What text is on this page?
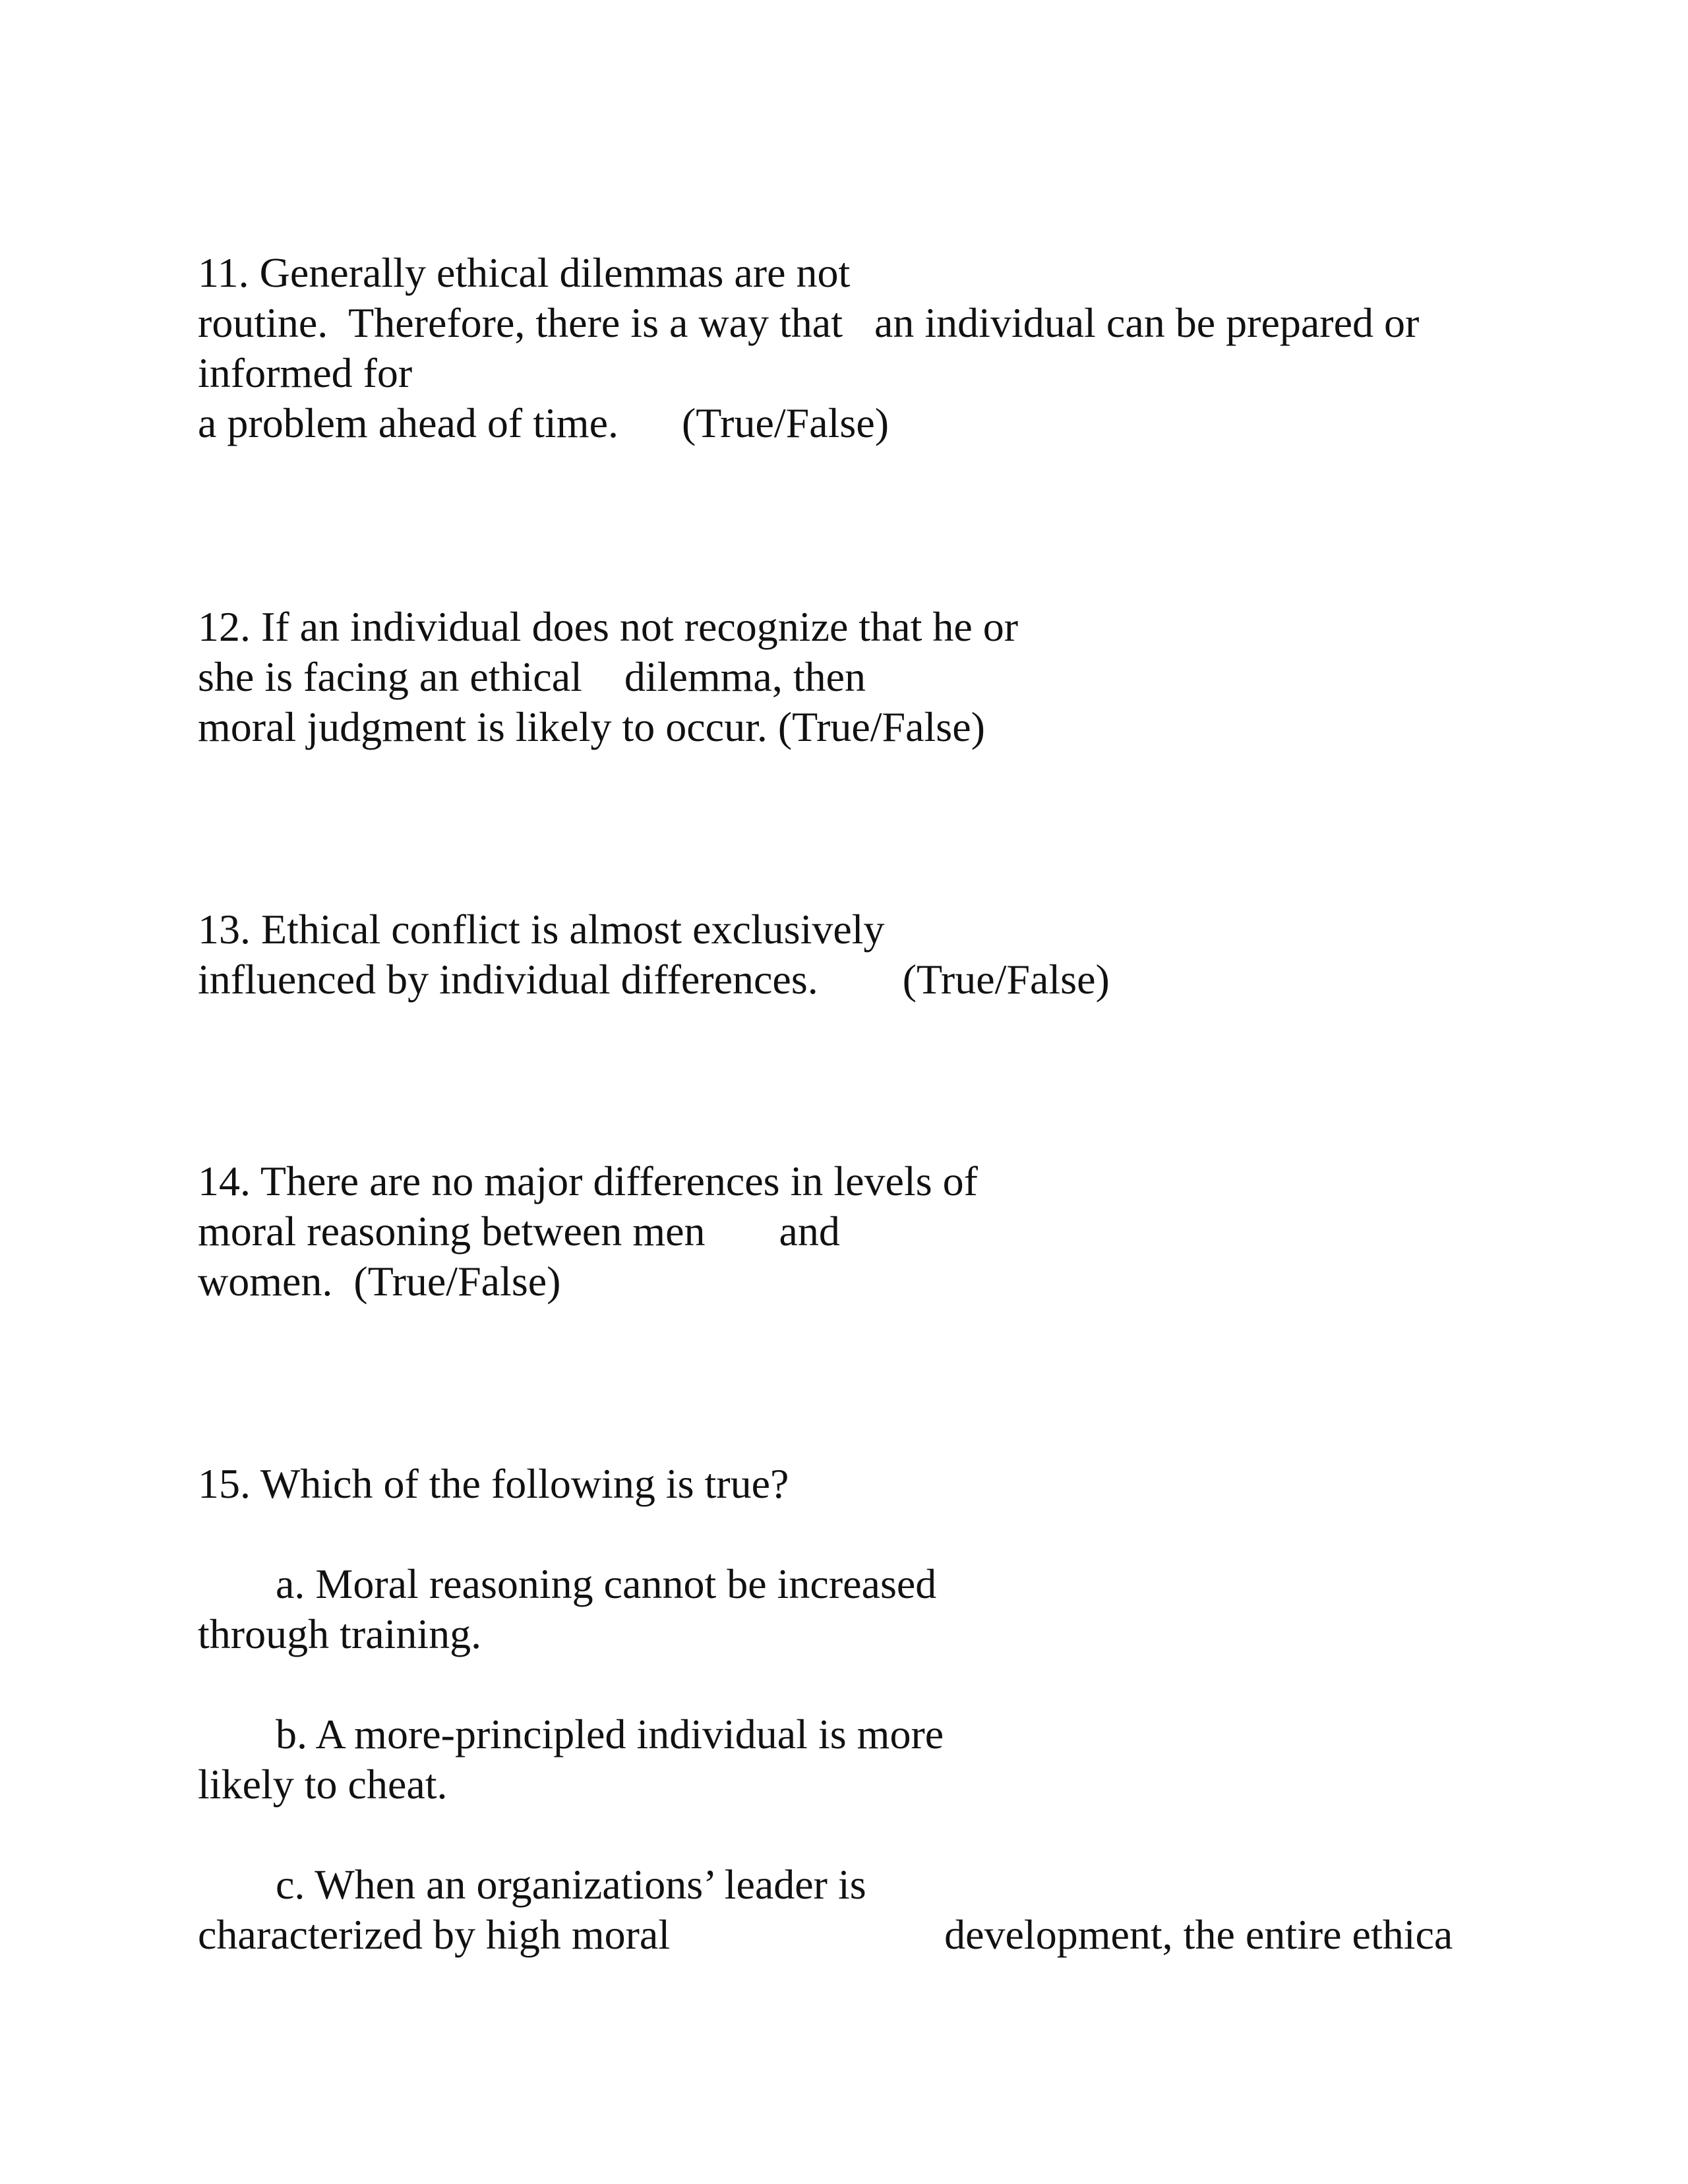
11. Generally ethical dilemmas are not
routine.  Therefore, there is a way that   an individual can be prepared or
informed for
a problem ahead of time.      (True/False)
12. If an individual does not recognize that he or
she is facing an ethical    dilemma, then
moral judgment is likely to occur. (True/False)
13. Ethical conflict is almost exclusively
influenced by individual differences.        (True/False)
14. There are no major differences in levels of
moral reasoning between men       and
women.  (True/False)
15. Which of the following is true?
a. Moral reasoning cannot be increased
through training.
b. A more-principled individual is more
likely to cheat.
c. When an organizations’ leader is
characterized by high moral                          development, the entire ethica
